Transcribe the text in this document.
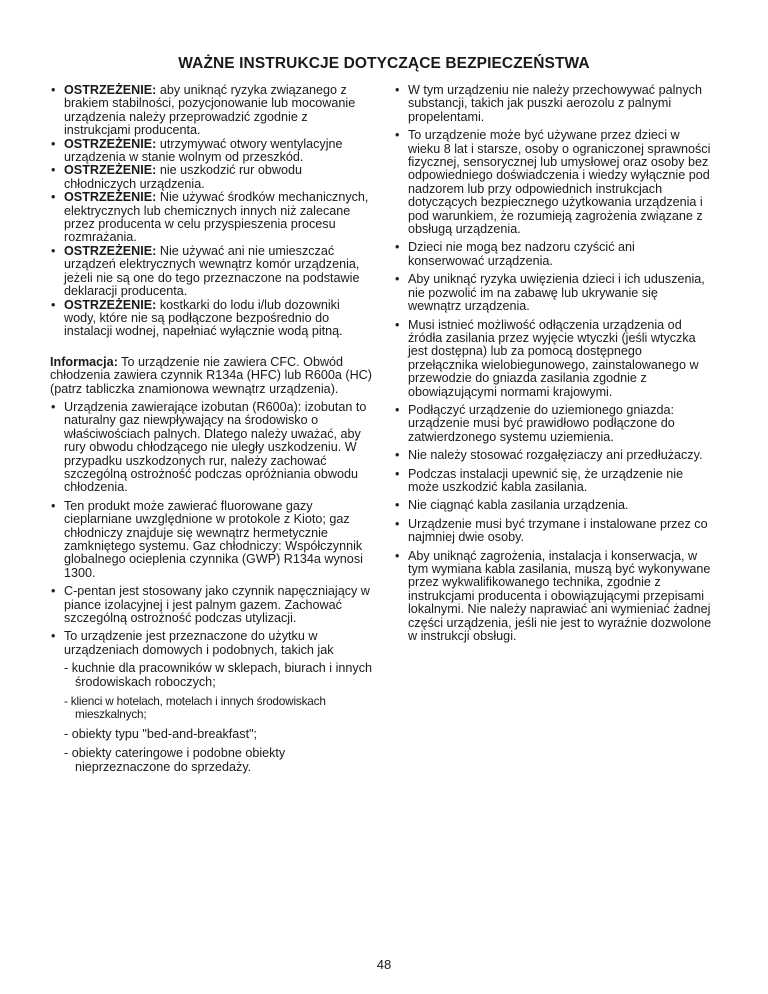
WAŻNE INSTRUKCJE DOTYCZĄCE BEZPIECZEŃSTWA
• OSTRZEŻENIE: aby uniknąć ryzyka związanego z brakiem stabilności, pozycjonowanie lub mocowanie urządzenia należy przeprowadzić zgodnie z instrukcjami producenta.
• OSTRZEŻENIE: utrzymywać otwory wentylacyjne urządzenia w stanie wolnym od przeszkód.
• OSTRZEŻENIE: nie uszkodzić rur obwodu chłodniczych urządzenia.
• OSTRZEŻENIE: Nie używać środków mechanicznych, elektrycznych lub chemicznych innych niż zalecane przez producenta w celu przyspieszenia procesu rozmrażania.
• OSTRZEŻENIE: Nie używać ani nie umieszczać urządzeń elektrycznych wewnątrz komór urządzenia, jeżeli nie są one do tego przeznaczone na podstawie deklaracji producenta.
• OSTRZEŻENIE: kostkarki do lodu i/lub dozowniki wody, które nie są podłączone bezpośrednio do instalacji wodnej, napełniać wyłącznie wodą pitną.

Informacja: To urządzenie nie zawiera CFC. Obwód chłodzenia zawiera czynnik R134a (HFC) lub R600a (HC) (patrz tabliczka znamionowa wewnątrz urządzenia).

• Urządzenia zawierające izobutan (R600a): izobutan to naturalny gaz niewpływający na środowisko o właściwościach palnych. Dlatego należy uważać, aby rury obwodu chłodzącego nie uległy uszkodzeniu. W przypadku uszkodzonych rur, należy zachować szczególną ostrożność podczas opróżniania obwodu chłodzenia.
• Ten produkt może zawierać fluorowane gazy cieplarniane uwzględnione w protokole z Kioto; gaz chłodniczy znajduje się wewnątrz hermetycznie zamkniętego systemu. Gaz chłodniczy: Współczynnik globalnego ocieplenia czynnika (GWP) R134a wynosi 1300.
• C-pentan jest stosowany jako czynnik napęczniający w piance izolacyjnej i jest palnym gazem. Zachować szczególną ostrożność podczas utylizacji.
• To urządzenie jest przeznaczone do użytku w urządzeniach domowych i podobnych, takich jak
- kuchnie dla pracowników w sklepach, biurach i innych środowiskach roboczych;
- klienci w hotelach, motelach i innych środowiskach mieszkalnych;
- obiekty typu "bed-and-breakfast";
- obiekty cateringowe i podobne obiekty nieprzeznaczone do sprzedaży.
• W tym urządzeniu nie należy przechowywać palnych substancji, takich jak puszki aerozolu z palnymi propelentami.
• To urządzenie może być używane przez dzieci w wieku 8 lat i starsze, osoby o ograniczonej sprawności fizycznej, sensorycznej lub umysłowej oraz osoby bez odpowiedniego doświadczenia i wiedzy wyłącznie pod nadzorem lub przy odpowiednich instrukcjach dotyczących bezpiecznego użytkowania urządzenia i pod warunkiem, że rozumieją zagrożenia związane z obsługą urządzenia.
• Dzieci nie mogą bez nadzoru czyścić ani konserwować urządzenia.
• Aby uniknąć ryzyka uwięzienia dzieci i ich uduszenia, nie pozwolić im na zabawę lub ukrywanie się wewnątrz urządzenia.
• Musi istnieć możliwość odłączenia urządzenia od źródła zasilania przez wyjęcie wtyczki (jeśli wtyczka jest dostępna) lub za pomocą dostępnego przełącznika wielobiegunowego, zainstalowanego w przewodzie do gniazda zasilania zgodnie z obowiązującymi normami krajowymi.
• Podłączyć urządzenie do uziemionego gniazda: urządzenie musi być prawidłowo podłączone do zatwierdzonego systemu uziemienia.
• Nie należy stosować rozgałęziaczy ani przedłużaczy.
• Podczas instalacji upewnić się, że urządzenie nie może uszkodzić kabla zasilania.
• Nie ciągnąć kabla zasilania urządzenia.
• Urządzenie musi być trzymane i instalowane przez co najmniej dwie osoby.
• Aby uniknąć zagrożenia, instalacja i konserwacja, w tym wymiana kabla zasilania, muszą być wykonywane przez wykwalifikowanego technika, zgodnie z instrukcjami producenta i obowiązującymi przepisami lokalnymi. Nie należy naprawiać ani wymieniać żadnej części urządzenia, jeśli nie jest to wyraźnie dozwolone w instrukcji obsługi.
48
